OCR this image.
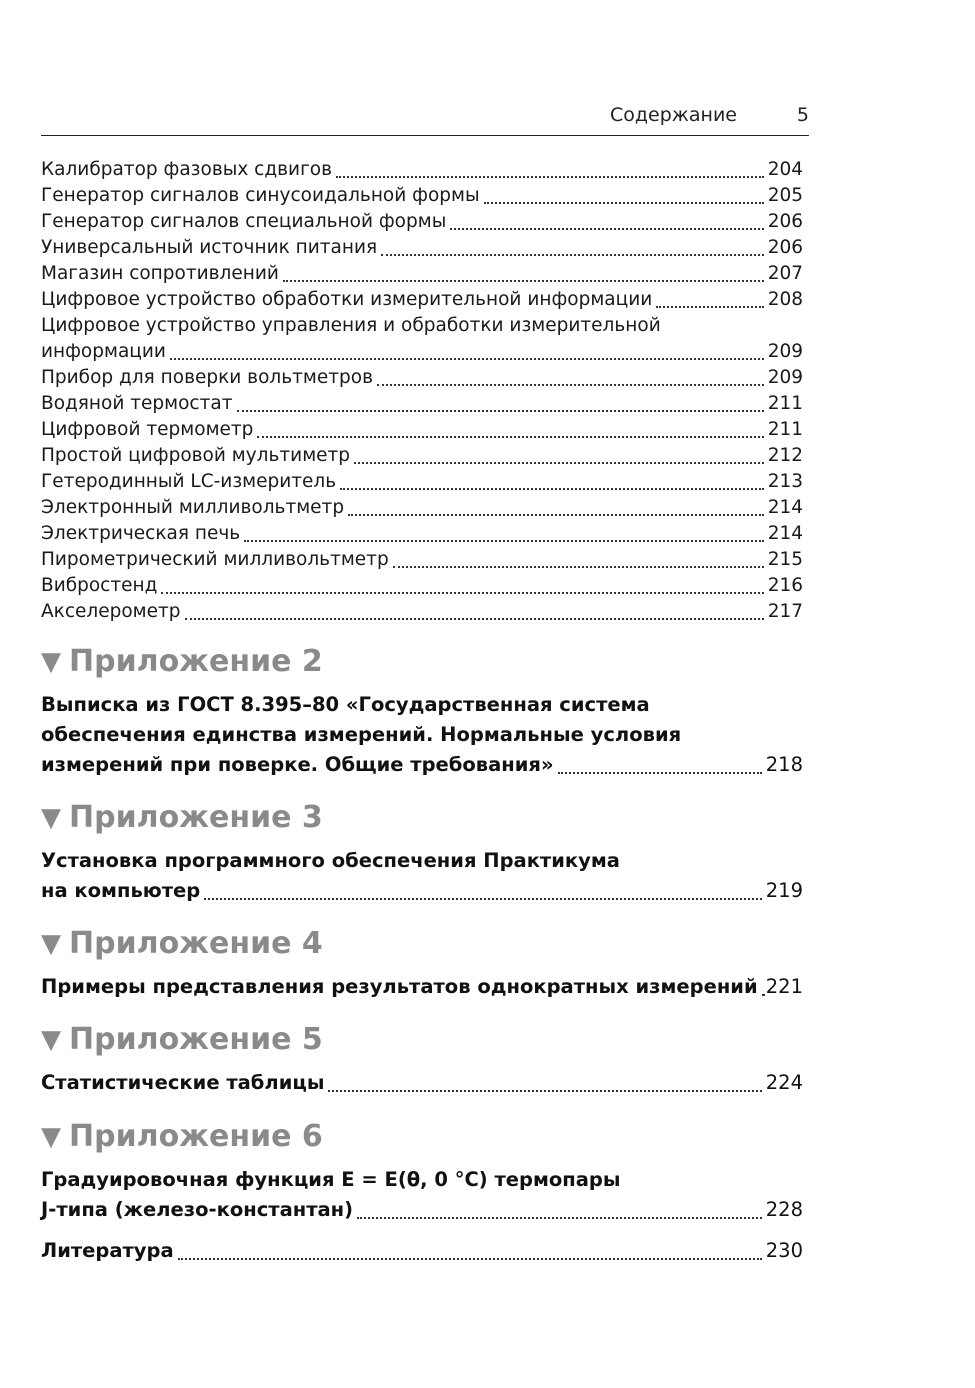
Содержание	5
Калибратор фазовых сдвигов	204
Генератор сигналов синусоидальной формы	205
Генератор сигналов специальной формы	206
Универсальный источник питания	206
Магазин сопротивлений	207
Цифровое устройство обработки измерительной информации	208
Цифровое устройство управления и обработки измерительной
информации	209
Прибор для поверки вольтметров	209
Водяной термостат	211
Цифровой термометр	211
Простой цифровой мультиметр	212
Гетеродинный LC-измеритель	213
Электронный милливольтметр	214
Электрическая печь	214
Пирометрический милливольтметр	215
Вибростенд	216
Акселерометр	217
▼ Приложение 2
Выписка из ГОСТ 8.395–80 «Государственная система
обеспечения единства измерений. Нормальные условия
измерений при поверке. Общие требования»	218
▼ Приложение 3
Установка программного обеспечения Практикума
на компьютер	219
▼ Приложение 4
Примеры представления результатов однократных измерений 221
▼ Приложение 5
Статистические таблицы	224
▼ Приложение 6
Градуировочная функция E = E(θ, 0 °C) термопары
J-типа (железо-константан)	228
Литература	230
